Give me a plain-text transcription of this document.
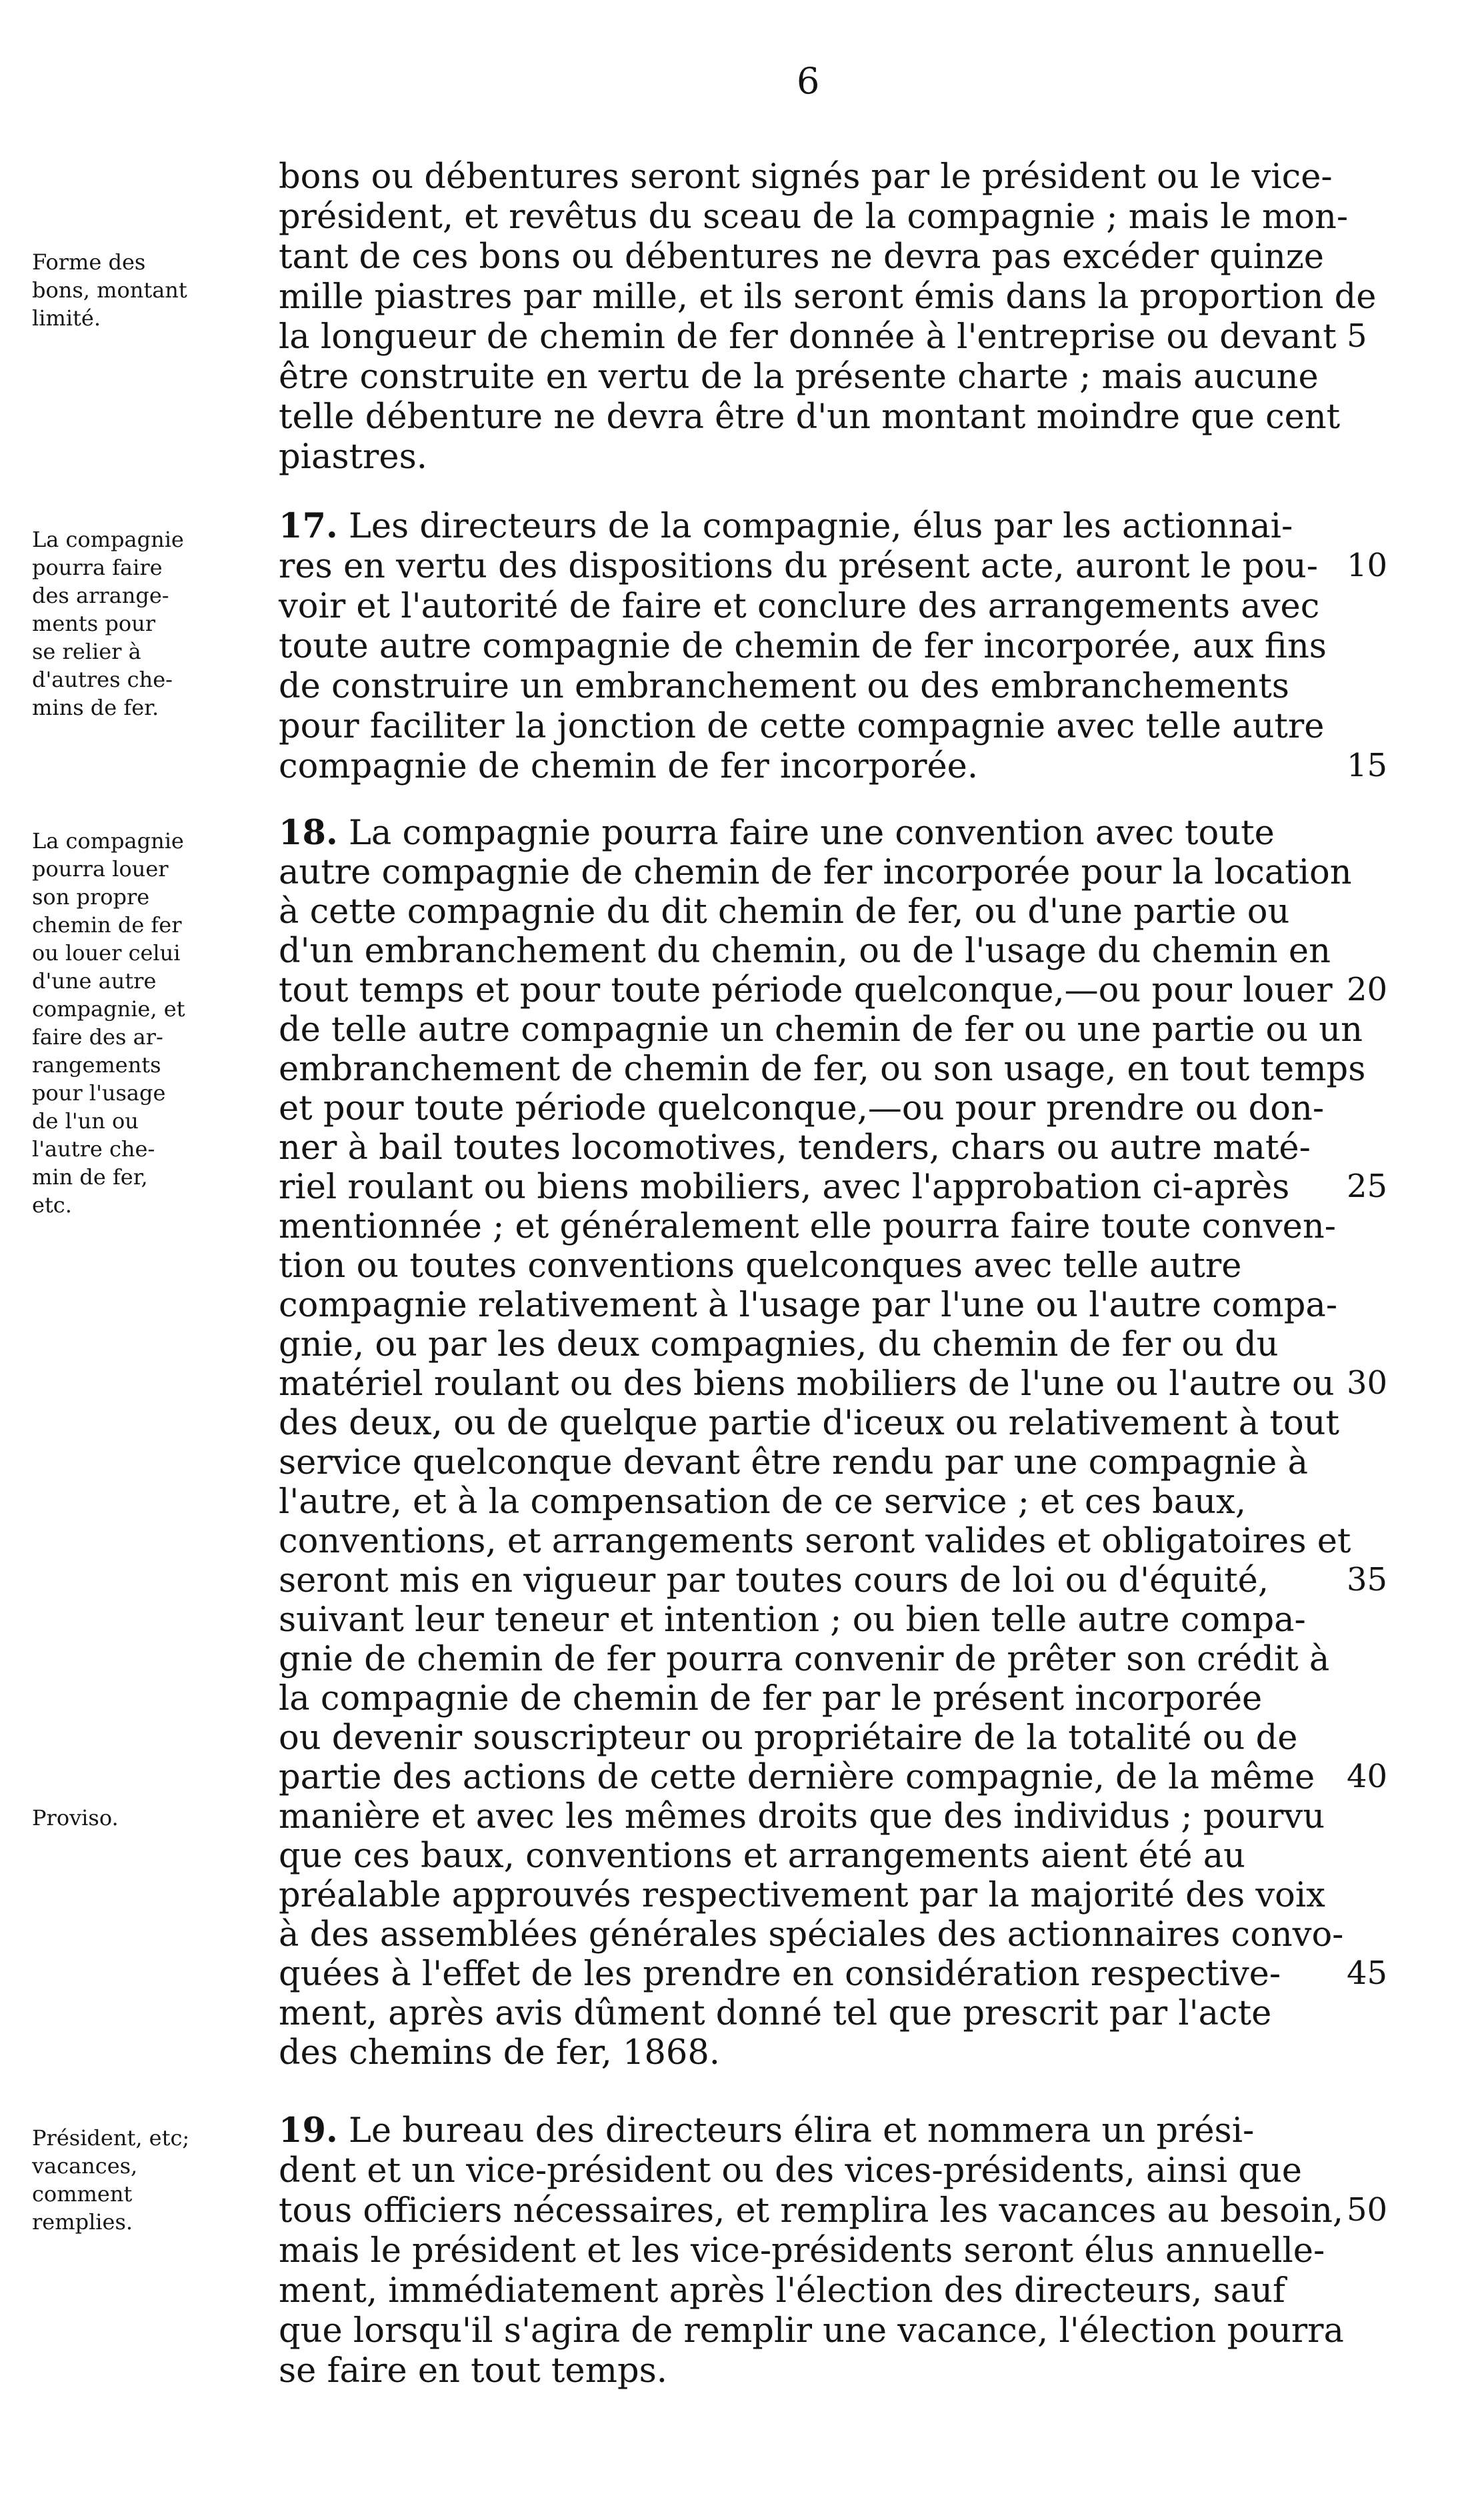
6
Forme des
bons, montant
limité.
bons ou débentures seront signés par le président ou le vice-
président, et revêtus du sceau de la compagnie ; mais le mon-
tant de ces bons ou débentures ne devra pas excéder quinze
mille piastres par mille, et ils seront émis dans la proportion de
la longueur de chemin de fer donnée à l'entreprise ou devant
être construite en vertu de la présente charte ; mais aucune
telle débenture ne devra être d'un montant moindre que cent
piastres.
La compagnie
pourra faire
des arrange-
ments pour
se relier à
d'autres che-
mins de fer.
17. Les directeurs de la compagnie, élus par les actionnai-
res en vertu des dispositions du présent acte, auront le pou-
voir et l'autorité de faire et conclure des arrangements avec
toute autre compagnie de chemin de fer incorporée, aux fins
de construire un embranchement ou des embranchements
pour faciliter la jonction de cette compagnie avec telle autre
compagnie de chemin de fer incorporée.
La compagnie
pourra louer
son propre
chemin de fer
ou louer celui
d'une autre
compagnie, et
faire des ar-
rangements
pour l'usage
de l'un ou
l'autre che-
min de fer,
etc.
18. La compagnie pourra faire une convention avec toute
autre compagnie de chemin de fer incorporée pour la location
à cette compagnie du dit chemin de fer, ou d'une partie ou
d'un embranchement du chemin, ou de l'usage du chemin en
tout temps et pour toute période quelconque,—ou pour louer
de telle autre compagnie un chemin de fer ou une partie ou un
embranchement de chemin de fer, ou son usage, en tout temps
et pour toute période quelconque,—ou pour prendre ou don-
ner à bail toutes locomotives, tenders, chars ou autre maté-
riel roulant ou biens mobiliers, avec l'approbation ci-après
mentionnée ; et généralement elle pourra faire toute conven-
tion ou toutes conventions quelconques avec telle autre
compagnie relativement à l'usage par l'une ou l'autre compa-
gnie, ou par les deux compagnies, du chemin de fer ou du
matériel roulant ou des biens mobiliers de l'une ou l'autre ou
des deux, ou de quelque partie d'iceux ou relativement à tout
service quelconque devant être rendu par une compagnie à
l'autre, et à la compensation de ce service ; et ces baux,
conventions, et arrangements seront valides et obligatoires et
seront mis en vigueur par toutes cours de loi ou d'équité,
suivant leur teneur et intention ; ou bien telle autre compa-
gnie de chemin de fer pourra convenir de prêter son crédit à
la compagnie de chemin de fer par le présent incorporée
ou devenir souscripteur ou propriétaire de la totalité ou de
partie des actions de cette dernière compagnie, de la même
manière et avec les mêmes droits que des individus ; pourvu
que ces baux, conventions et arrangements aient été au
préalable approuvés respectivement par la majorité des voix
à des assemblées générales spéciales des actionnaires convo-
quées à l'effet de les prendre en considération respective-
ment, après avis dûment donné tel que prescrit par l'acte
des chemins de fer, 1868.
Proviso.
Président, etc;
vacances,
comment
remplies.
19. Le bureau des directeurs élira et nommera un prési-
dent et un vice-président ou des vices-présidents, ainsi que
tous officiers nécessaires, et remplira les vacances au besoin,
mais le président et les vice-présidents seront élus annuelle-
ment, immédiatement après l'élection des directeurs, sauf
que lorsqu'il s'agira de remplir une vacance, l'élection pourra
se faire en tout temps.
5
10
15
20
25
30
35
40
45
50
